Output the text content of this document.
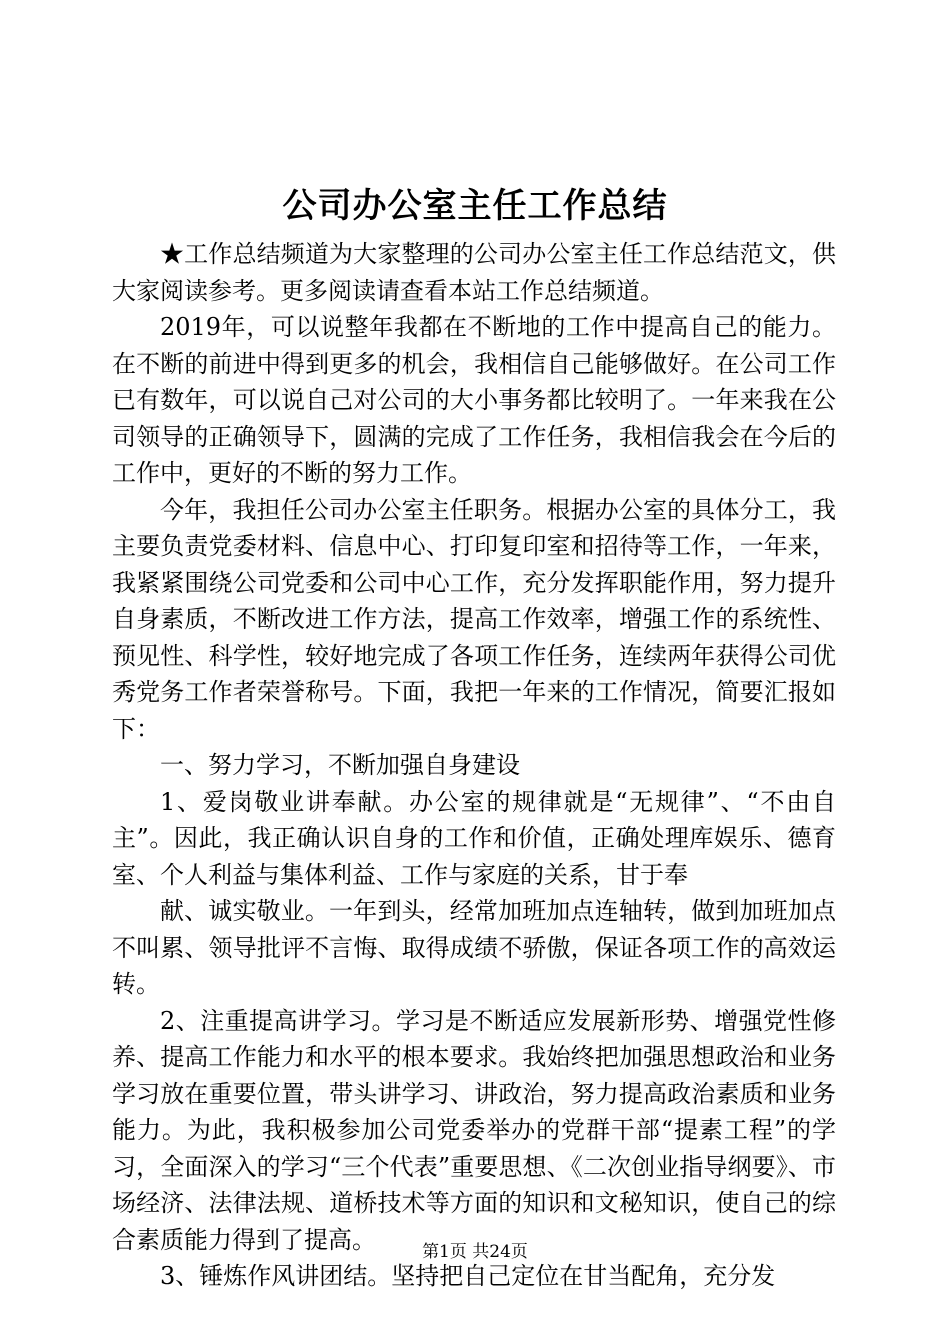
公司办公室主任工作总结

★工作总结频道为大家整理的公司办公室主任工作总结范文，供大家阅读参考。更多阅读请查看本站工作总结频道。

2019年，可以说整年我都在不断地的工作中提高自己的能力。在不断的前进中得到更多的机会，我相信自己能够做好。在公司工作已有数年，可以说自己对公司的大小事务都比较明了。一年来我在公司领导的正确领导下，圆满的完成了工作任务，我相信我会在今后的工作中，更好的不断的努力工作。

今年，我担任公司办公室主任职务。根据办公室的具体分工，我主要负责党委材料、信息中心、打印复印室和招待等工作，一年来，我紧紧围绕公司党委和公司中心工作，充分发挥职能作用，努力提升自身素质，不断改进工作方法，提高工作效率，增强工作的系统性、预见性、科学性，较好地完成了各项工作任务，连续两年获得公司优秀党务工作者荣誉称号。下面，我把一年来的工作情况，简要汇报如下：

一、努力学习，不断加强自身建设

1、爱岗敬业讲奉献。办公室的规律就是“无规律”、“不由自主”。因此，我正确认识自身的工作和价值，正确处理库娱乐、德育室、个人利益与集体利益、工作与家庭的关系，甘于奉

献、诚实敬业。一年到头，经常加班加点连轴转，做到加班加点不叫累、领导批评不言悔、取得成绩不骄傲，保证各项工作的高效运转。

2、注重提高讲学习。学习是不断适应发展新形势、增强党性修养、提高工作能力和水平的根本要求。我始终把加强思想政治和业务学习放在重要位置，带头讲学习、讲政治，努力提高政治素质和业务能力。为此，我积极参加公司党委举办的党群干部“提素工程”的学习，全面深入的学习“三个代表”重要思想、《二次创业指导纲要》、市场经济、法律法规、道桥技术等方面的知识和文秘知识，使自己的综合素质能力得到了提高。

3、锤炼作风讲团结。坚持把自己定位在甘当配角，充分发

第1页 共24页
